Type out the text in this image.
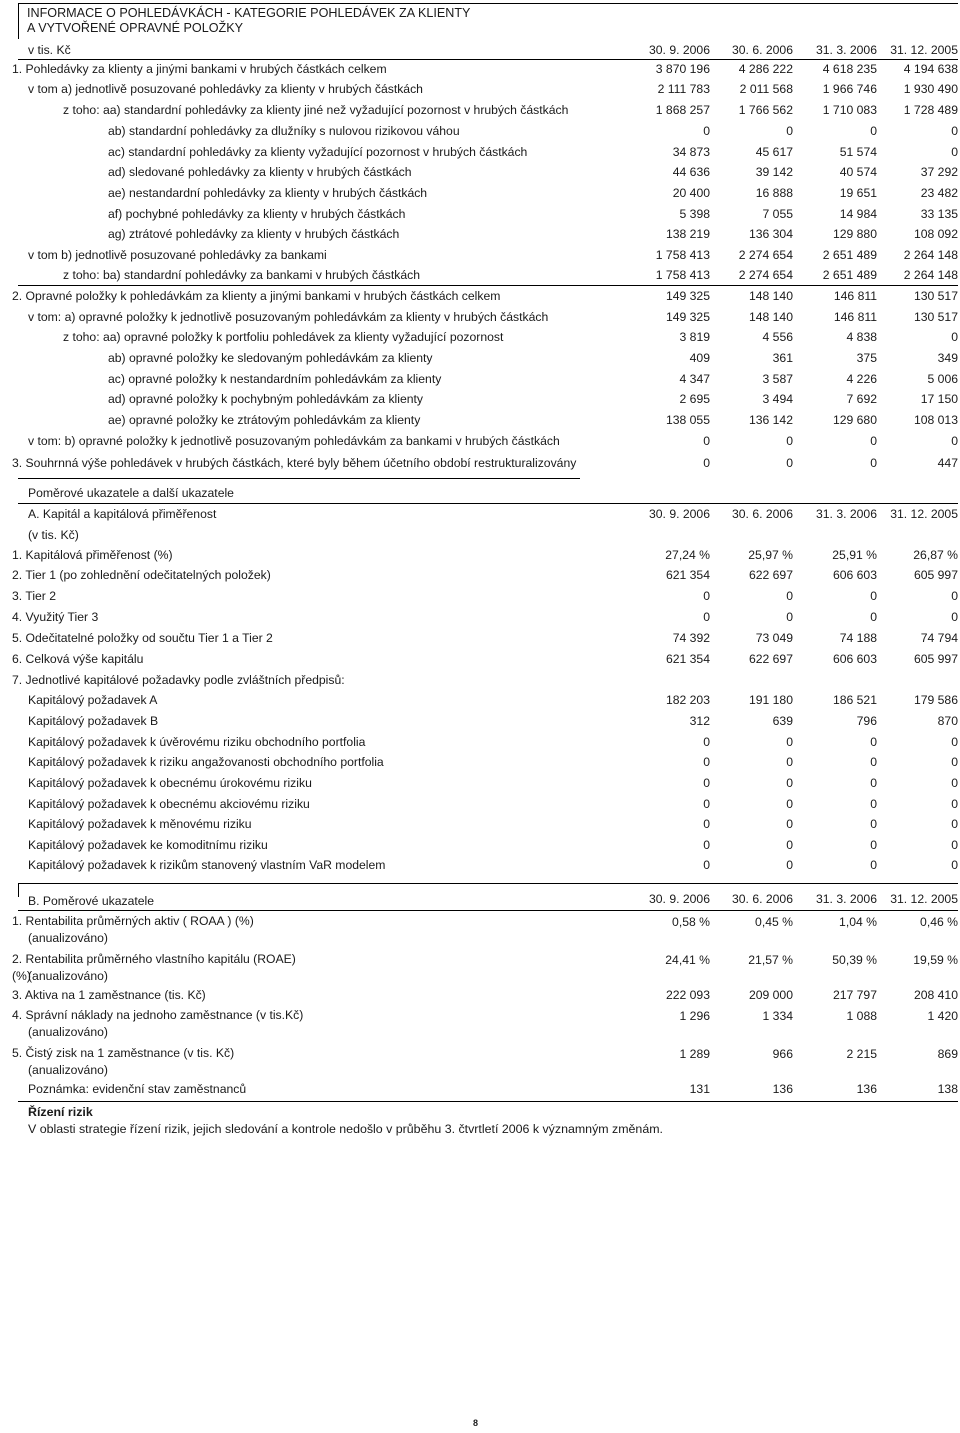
INFORMACE O POHLEDÁVKÁCH - KATEGORIE POHLEDÁVEK ZA KLIENTY
A VYTVOŘENÉ OPRAVNÉ POLOŽKY
v tis. Kč	30. 9. 2006	30. 6. 2006	31. 3. 2006	31. 12. 2005
1. Pohledávky za klienty a jinými bankami v hrubých částkách celkem	3 870 196	4 286 222	4 618 235	4 194 638
v tom a) jednotlivě posuzované pohledávky za klienty v hrubých částkách	2 111 783	2 011 568	1 966 746	1 930 490
z toho: aa) standardní pohledávky za klienty jiné než vyžadující pozornost v hrubých částkách	1 868 257	1 766 562	1 710 083	1 728 489
ab) standardní pohledávky za dlužníky s nulovou rizikovou váhou	0	0	0	0
ac) standardní pohledávky za klienty vyžadující pozornost v hrubých částkách	34 873	45 617	51 574	0
ad) sledované pohledávky za klienty v hrubých částkách	44 636	39 142	40 574	37 292
ae) nestandardní pohledávky za klienty v hrubých částkách	20 400	16 888	19 651	23 482
af) pochybné pohledávky za klienty v hrubých částkách	5 398	7 055	14 984	33 135
ag) ztrátové pohledávky za klienty v hrubých částkách	138 219	136 304	129 880	108 092
v tom b) jednotlivě posuzované pohledávky za bankami	1 758 413	2 274 654	2 651 489	2 264 148
z toho: ba) standardní pohledávky za bankami v hrubých částkách	1 758 413	2 274 654	2 651 489	2 264 148
2. Opravné položky k pohledávkám za klienty a jinými bankami v hrubých částkách celkem	149 325	148 140	146 811	130 517
v tom: a) opravné položky k jednotlivě posuzovaným pohledávkám za klienty v hrubých částkách	149 325	148 140	146 811	130 517
z toho: aa) opravné položky k portfoliu pohledávek za klienty vyžadující pozornost	3 819	4 556	4 838	0
ab) opravné položky ke sledovaným pohledávkám za klienty	409	361	375	349
ac) opravné položky k nestandardním pohledávkám za klienty	4 347	3 587	4 226	5 006
ad) opravné položky k pochybným pohledávkám za klienty	2 695	3 494	7 692	17 150
ae) opravné položky ke ztrátovým pohledávkám za klienty	138 055	136 142	129 680	108 013
v tom: b) opravné položky k jednotlivě posuzovaným pohledávkám za bankami v hrubých částkách	0	0	0	0
3. Souhrnná výše pohledávek v hrubých částkách, které byly během účetního období restrukturalizovány	0	0	0	447
Poměrové ukazatele a další ukazatele
A. Kapitál a kapitálová přiměřenost	30. 9. 2006	30. 6. 2006	31. 3. 2006	31. 12. 2005
(v tis. Kč)
1. Kapitálová přiměřenost (%)	27,24 %	25,97 %	25,91 %	26,87 %
2. Tier 1 (po zohlednění odečitatelných položek)	621 354	622 697	606 603	605 997
3. Tier 2	0	0	0	0
4. Využitý Tier 3	0	0	0	0
5. Odečitatelné položky od součtu Tier 1 a Tier 2	74 392	73 049	74 188	74 794
6. Celková výše kapitálu	621 354	622 697	606 603	605 997
7. Jednotlivé kapitálové požadavky podle zvláštních předpisů:
Kapitálový požadavek A	182 203	191 180	186 521	179 586
Kapitálový požadavek B	312	639	796	870
Kapitálový požadavek k úvěrovému riziku obchodního portfolia	0	0	0	0
Kapitálový požadavek k riziku angažovanosti obchodního portfolia	0	0	0	0
Kapitálový požadavek k obecnému úrokovému riziku	0	0	0	0
Kapitálový požadavek k obecnému akciovému riziku	0	0	0	0
Kapitálový požadavek k měnovému riziku	0	0	0	0
Kapitálový požadavek ke komoditnímu riziku	0	0	0	0
Kapitálový požadavek k rizikům stanovený vlastním VaR modelem	0	0	0	0
B. Poměrové ukazatele	30. 9. 2006	30. 6. 2006	31. 3. 2006	31. 12. 2005
1. Rentabilita průměrných aktiv ( ROAA ) (%)
(anualizováno)
0,58 %	0,45 %	1,04 %	0,46 %
2. Rentabilita průměrného vlastního kapitálu (ROAE) (%)
(anualizováno)
24,41 %	21,57 %	50,39 %	19,59 %
3. Aktiva na 1 zaměstnance (tis. Kč)	222 093	209 000	217 797	208 410
4. Správní náklady na jednoho zaměstnance (v tis.Kč)
(anualizováno)
1 296	1 334	1 088	1 420
5. Čistý zisk na 1 zaměstnance (v tis. Kč)
(anualizováno)
1 289	966	2 215	869
Poznámka: evidenční stav zaměstnanců	131	136	136	138
Řízení rizik
V oblasti strategie řízení rizik, jejich sledování a kontrole nedošlo v průběhu 3. čtvrtletí 2006 k významným změnám.
8
